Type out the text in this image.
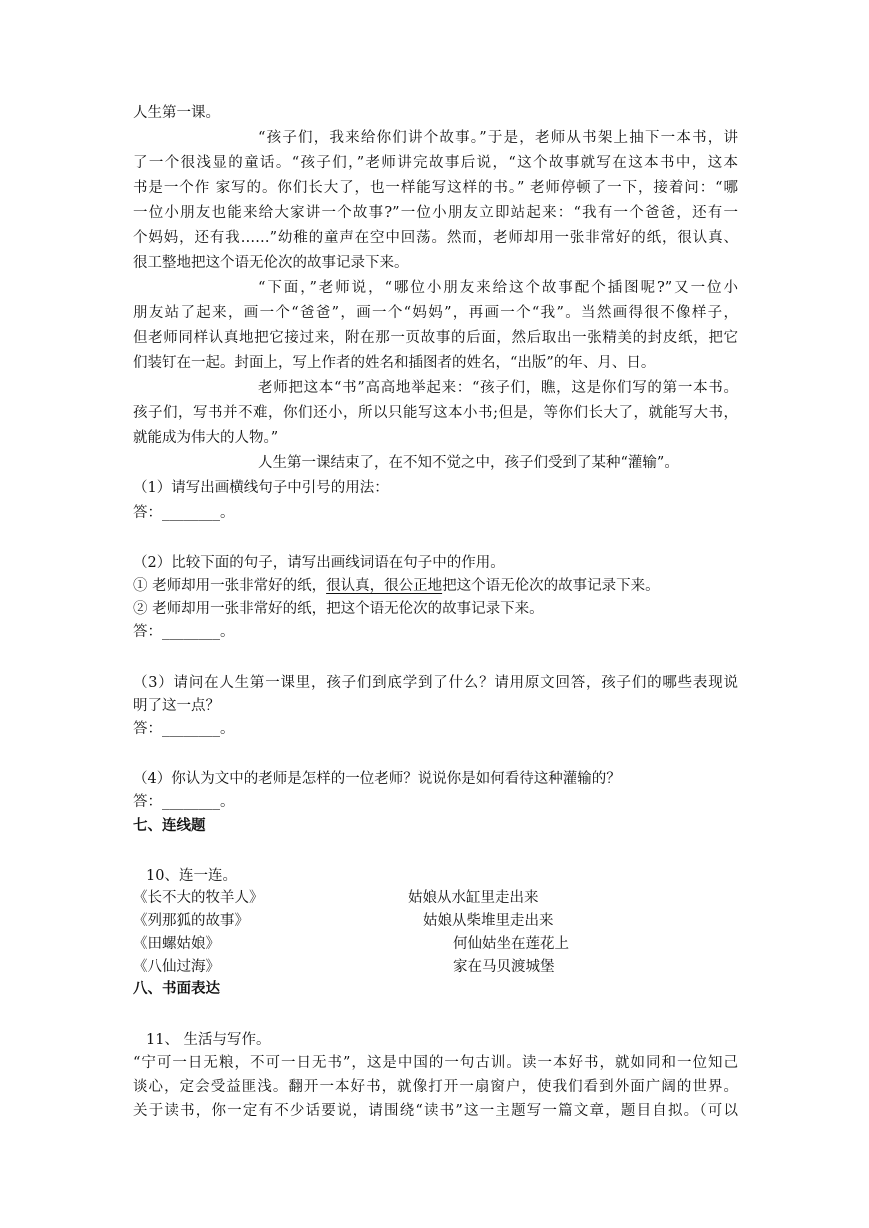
人生第一课。
“孩子们，我来给你们讲个故事。”于是，老师从书架上抽下一本书，讲
了一个很浅显的童话。“孩子们，”老师讲完故事后说，“这个故事就写在这本书中，这本
书是一个作 家写的。你们长大了，也一样能写这样的书。” 老师停顿了一下，接着问：“哪
一位小朋友也能来给大家讲一个故事?”一位小朋友立即站起来：“我有一个爸爸，还有一
个妈妈，还有我……”幼稚的童声在空中回荡。然而，老师却用一张非常好的纸，很认真、
很工整地把这个语无伦次的故事记录下来。
“下面，”老师说，“哪位小朋友来给这个故事配个插图呢?”又一位小
朋友站了起来，画一个“爸爸”，画一个“妈妈”，再画一个“我”。当然画得很不像样子，
但老师同样认真地把它接过来，附在那一页故事的后面，然后取出一张精美的封皮纸，把它
们装钉在一起。封面上，写上作者的姓名和插图者的姓名，“出版”的年、月、日。
老师把这本“书”高高地举起来：“孩子们，瞧，这是你们写的第一本书。
孩子们，写书并不难，你们还小，所以只能写这本小书;但是，等你们长大了，就能写大书，
就能成为伟大的人物。”
人生第一课结束了，在不知不觉之中，孩子们受到了某种“灌输”。
（1）请写出画横线句子中引号的用法：
答：________。
（2）比较下面的句子，请写出画线词语在句子中的作用。
① 老师却用一张非常好的纸，很认真，很公正地把这个语无伦次的故事记录下来。
② 老师却用一张非常好的纸，把这个语无伦次的故事记录下来。
答：________。
（3）请问在人生第一课里，孩子们到底学到了什么？请用原文回答，孩子们的哪些表现说
明了这一点？
答：________。
（4）你认为文中的老师是怎样的一位老师？说说你是如何看待这种灌输的？
答：________。
七、连线题
10、连一连。
《长不大的牧羊人》
《列那狐的故事》
《田螺姑娘》
《八仙过海》
姑娘从水缸里走出来
姑娘从柴堆里走出来
何仙姑坐在莲花上
家在马贝渡城堡
八、书面表达
11、 生活与写作。
“宁可一日无粮，不可一日无书”，这是中国的一句古训。读一本好书，就如同和一位知己
谈心，定会受益匪浅。翻开一本好书，就像打开一扇窗户，使我们看到外面广阔的世界。
关于读书，你一定有不少话要说，请围绕“读书”这一主题写一篇文章，题目自拟。（可以
